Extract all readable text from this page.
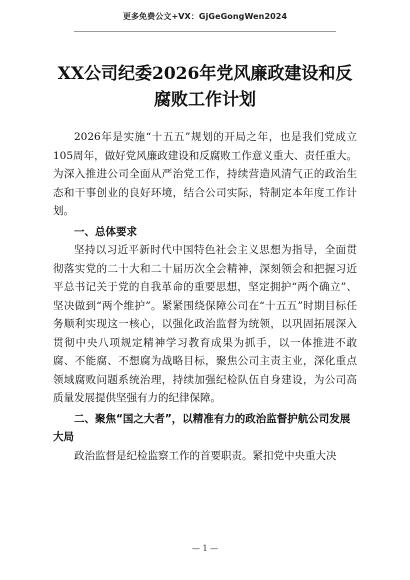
更多免费公文+VX：GjGeGongWen2024
XX公司纪委2026年党风廉政建设和反腐败工作计划

2026年是实施“十五五”规划的开局之年，也是我们党成立105周年，做好党风廉政建设和反腐败工作意义重大、责任重大。为深入推进公司全面从严治党工作，持续营造风清气正的政治生态和干事创业的良好环境，结合公司实际，特制定本年度工作计划。

一、总体要求

坚持以习近平新时代中国特色社会主义思想为指导，全面贯彻落实党的二十大和二十届历次全会精神，深刻领会和把握习近平总书记关于党的自我革命的重要思想，坚定拥护“两个确立”、坚决做到“两个维护”。紧紧围绕保障公司在“十五五”时期目标任务顺利实现这一核心，以强化政治监督为统领，以巩固拓展深入贯彻中央八项规定精神学习教育成果为抓手，以一体推进不敢腐、不能腐、不想腐为战略目标，聚焦公司主责主业，深化重点领域腐败问题系统治理，持续加强纪检队伍自身建设，为公司高质量发展提供坚强有力的纪律保障。

二、聚焦“国之大者”，以精准有力的政治监督护航公司发展大局

政治监督是纪检监察工作的首要职责。紧扣党中央重大决

— 1 —
